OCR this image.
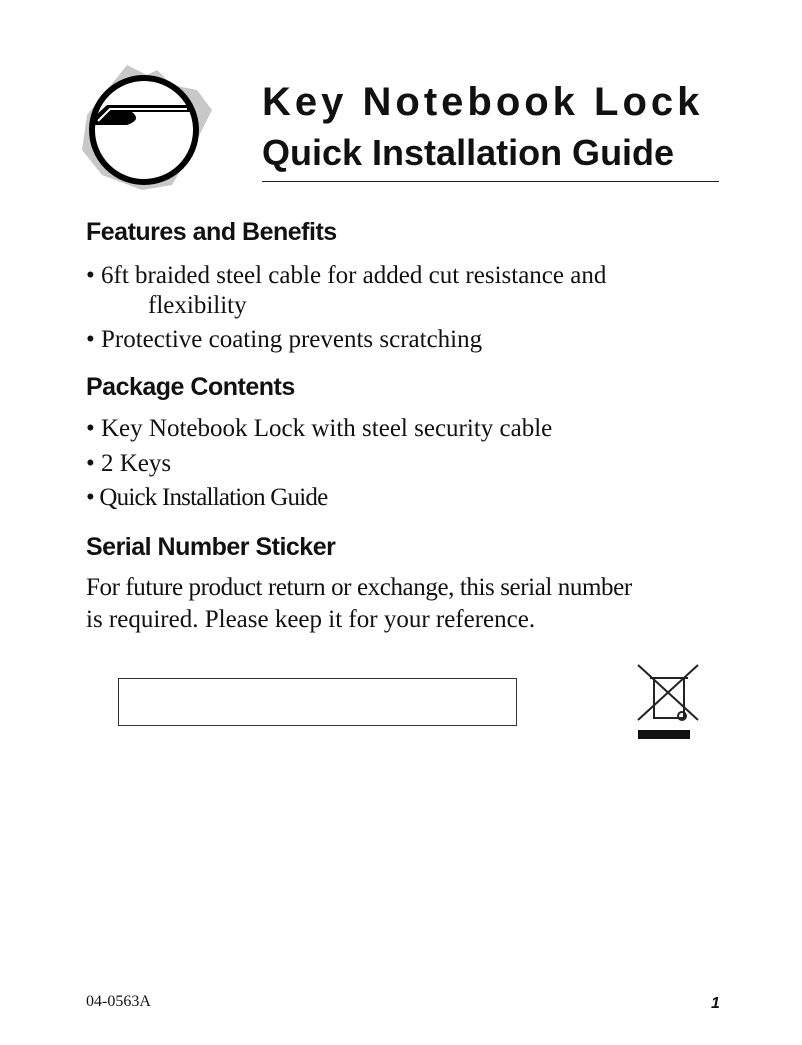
Key Notebook Lock
Quick Installation Guide
Features and Benefits
• 6ft braided steel cable for added cut resistance and
flexibility
• Protective coating prevents scratching
Package Contents
• Key Notebook Lock with steel security cable
• 2 Keys
• Quick Installation Guide
Serial Number Sticker
For future product return or exchange, this serial number
is required. Please keep it for your reference.
04-0563A	1
